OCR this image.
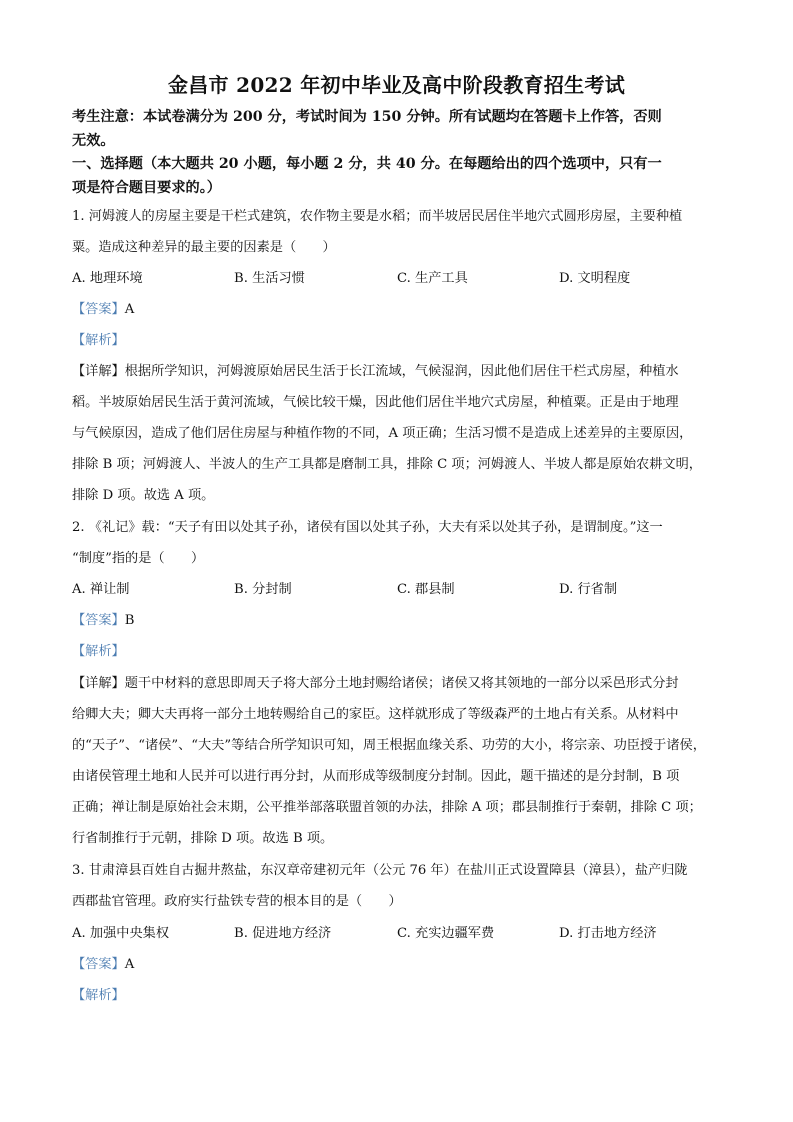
金昌市 2022 年初中毕业及高中阶段教育招生考试
考生注意：本试卷满分为 200 分，考试时间为 150 分钟。所有试题均在答题卡上作答，否则
无效。
一、选择题（本大题共 20 小题，每小题 2 分，共 40 分。在每题给出的四个选项中，只有一
项是符合题目要求的。）
1. 河姆渡人的房屋主要是干栏式建筑，农作物主要是水稻；而半坡居民居住半地穴式圆形房屋，主要种植
粟。造成这种差异的最主要的因素是（　　）
A. 地理环境	B. 生活习惯	C. 生产工具	D. 文明程度
【答案】A
【解析】
【详解】根据所学知识，河姆渡原始居民生活于长江流域，气候湿润，因此他们居住干栏式房屋，种植水
稻。半坡原始居民生活于黄河流域，气候比较干燥，因此他们居住半地穴式房屋，种植粟。正是由于地理
与气候原因，造成了他们居住房屋与种植作物的不同，A 项正确；生活习惯不是造成上述差异的主要原因，
排除 B 项；河姆渡人、半波人的生产工具都是磨制工具，排除 C 项；河姆渡人、半坡人都是原始农耕文明，
排除 D 项。故选 A 项。
2. 《礼记》载：“天子有田以处其子孙，诸侯有国以处其子孙，大夫有采以处其子孙，是谓制度。”这一
“制度”指的是（　　）
A. 禅让制	B. 分封制	C. 郡县制	D. 行省制
【答案】B
【解析】
【详解】题干中材料的意思即周天子将大部分土地封赐给诸侯；诸侯又将其领地的一部分以采邑形式分封
给卿大夫；卿大夫再将一部分土地转赐给自己的家臣。这样就形成了等级森严的土地占有关系。从材料中
的“天子”、“诸侯”、“大夫”等结合所学知识可知，周王根据血缘关系、功劳的大小，将宗亲、功臣授于诸侯，
由诸侯管理土地和人民并可以进行再分封，从而形成等级制度分封制。因此，题干描述的是分封制，B 项
正确；禅让制是原始社会末期，公平推举部落联盟首领的办法，排除 A 项；郡县制推行于秦朝，排除 C 项；
行省制推行于元朝，排除 D 项。故选 B 项。
3. 甘肃漳县百姓自古掘井熬盐，东汉章帝建初元年（公元 76 年）在盐川正式设置障县（漳县），盐产归陇
西郡盐官管理。政府实行盐铁专营的根本目的是（　　）
A. 加强中央集权	B. 促进地方经济	C. 充实边疆军费	D. 打击地方经济
【答案】A
【解析】
